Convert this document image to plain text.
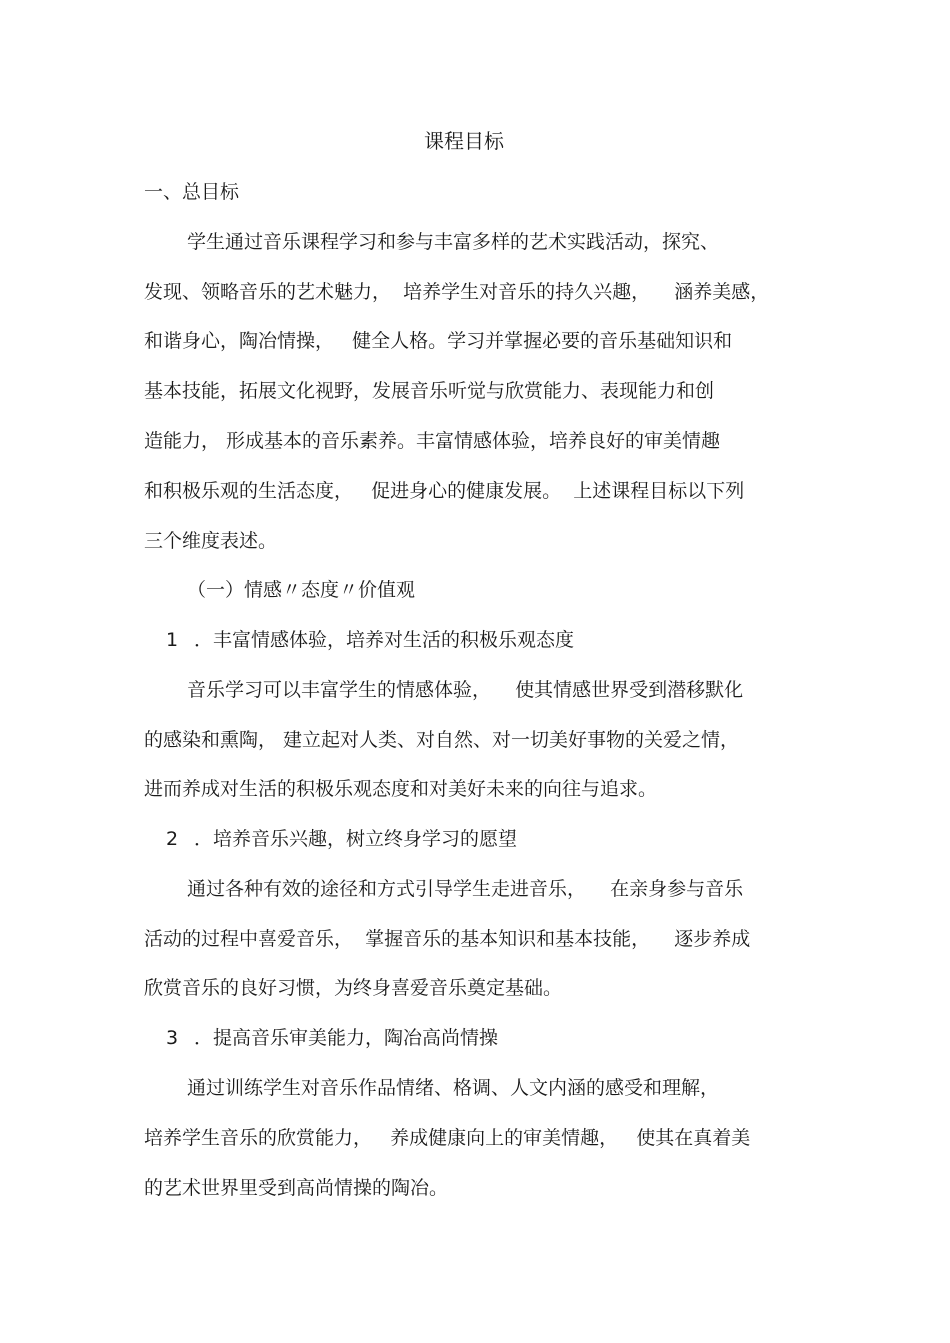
课程目标
一、总目标
学生通过音乐课程学习和参与丰富多样的艺术实践活动，探究、
发现、领略音乐的艺术魅力，  培养学生对音乐的持久兴趣，    涵养美感，
和谐身心，陶冶情操，   健全人格。学习并掌握必要的音乐基础知识和
基本技能，拓展文化视野，发展音乐听觉与欣赏能力、表现能力和创
造能力， 形成基本的音乐素养。丰富情感体验，培养良好的审美情趣
和积极乐观的生活态度，   促进身心的健康发展。  上述课程目标以下列
三个维度表述。
（一）情感〃态度〃价值观
1 ．丰富情感体验，培养对生活的积极乐观态度
音乐学习可以丰富学生的情感体验，    使其情感世界受到潜移默化
的感染和熏陶， 建立起对人类、对自然、对一切美好事物的关爱之情，
进而养成对生活的积极乐观态度和对美好未来的向往与追求。
2 ．培养音乐兴趣，树立终身学习的愿望
通过各种有效的途径和方式引导学生走进音乐，    在亲身参与音乐
活动的过程中喜爱音乐，  掌握音乐的基本知识和基本技能，    逐步养成
欣赏音乐的良好习惯，为终身喜爱音乐奠定基础。
3 ．提高音乐审美能力，陶冶高尚情操
通过训练学生对音乐作品情绪、格调、人文内涵的感受和理解，
培养学生音乐的欣赏能力，   养成健康向上的审美情趣，   使其在真着美
的艺术世界里受到高尚情操的陶冶。
